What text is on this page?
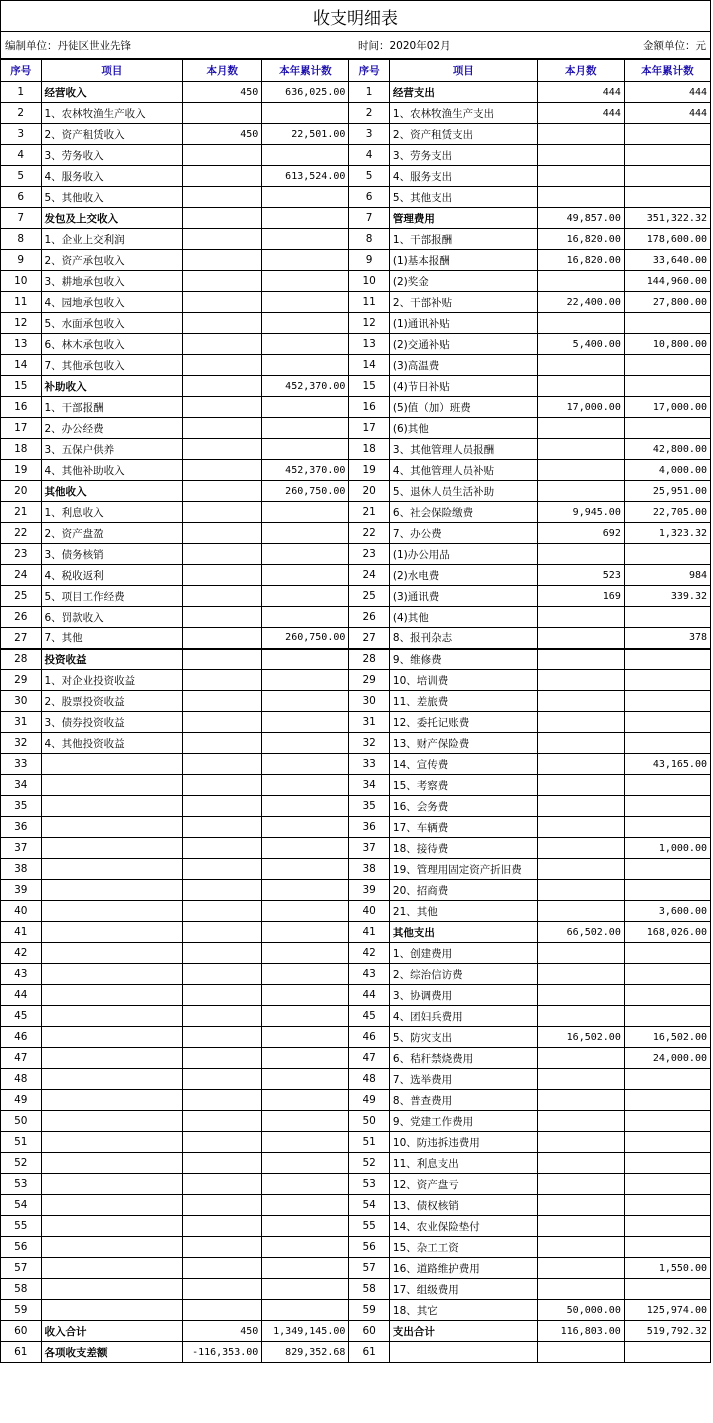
收支明细表
编制单位：丹徒区世业先锋	时间：2020年02月	金额单位：元
序号	项目	本月数	本年累计数	序号	项目	本月数	本年累计数
1	经营收入	450	636,025.00	1	经营支出	444	444
2	1、农林牧渔生产收入			2	1、农林牧渔生产支出	444	444
3	2、资产租赁收入	450	22,501.00	3	2、资产租赁支出		
4	3、劳务收入			4	3、劳务支出		
5	4、服务收入		613,524.00	5	4、服务支出		
6	5、其他收入			6	5、其他支出		
7	发包及上交收入			7	管理费用	49,857.00	351,322.32
8	1、企业上交利润			8	1、干部报酬	16,820.00	178,600.00
9	2、资产承包收入			9	(1)基本报酬	16,820.00	33,640.00
10	3、耕地承包收入			10	(2)奖金		144,960.00
11	4、园地承包收入			11	2、干部补贴	22,400.00	27,800.00
12	5、水面承包收入			12	(1)通讯补贴		
13	6、林木承包收入			13	(2)交通补贴	5,400.00	10,800.00
14	7、其他承包收入			14	(3)高温费		
15	补助收入		452,370.00	15	(4)节日补贴		
16	1、干部报酬			16	(5)值（加）班费	17,000.00	17,000.00
17	2、办公经费			17	(6)其他		
18	3、五保户供养			18	3、其他管理人员报酬		42,800.00
19	4、其他补助收入		452,370.00	19	4、其他管理人员补贴		4,000.00
20	其他收入		260,750.00	20	5、退休人员生活补助		25,951.00
21	1、利息收入			21	6、社会保险缴费	9,945.00	22,705.00
22	2、资产盘盈			22	7、办公费	692	1,323.32
23	3、债务核销			23	(1)办公用品		
24	4、税收返利			24	(2)水电费	523	984
25	5、项目工作经费			25	(3)通讯费	169	339.32
26	6、罚款收入			26	(4)其他		
27	7、其他		260,750.00	27	8、报刊杂志		378
28	投资收益			28	9、维修费		
29	1、对企业投资收益			29	10、培训费		
30	2、股票投资收益			30	11、差旅费		
31	3、债券投资收益			31	12、委托记账费		
32	4、其他投资收益			32	13、财产保险费		
33				33	14、宣传费		43,165.00
34				34	15、考察费		
35				35	16、会务费		
36				36	17、车辆费		
37				37	18、接待费		1,000.00
38				38	19、管理用固定资产折旧费		
39				39	20、招商费		
40				40	21、其他		3,600.00
41				41	其他支出	66,502.00	168,026.00
42				42	1、创建费用		
43				43	2、综治信访费		
44				44	3、协调费用		
45				45	4、团妇兵费用		
46				46	5、防灾支出	16,502.00	16,502.00
47				47	6、秸秆禁烧费用		24,000.00
48				48	7、选举费用		
49				49	8、普查费用		
50				50	9、党建工作费用		
51				51	10、防违拆违费用		
52				52	11、利息支出		
53				53	12、资产盘亏		
54				54	13、债权核销		
55				55	14、农业保险垫付		
56				56	15、杂工工资		
57				57	16、道路维护费用		1,550.00
58				58	17、组级费用		
59				59	18、其它	50,000.00	125,974.00
60	收入合计	450	1,349,145.00	60	支出合计	116,803.00	519,792.32
61	各项收支差额	-116,353.00	829,352.68	61			
